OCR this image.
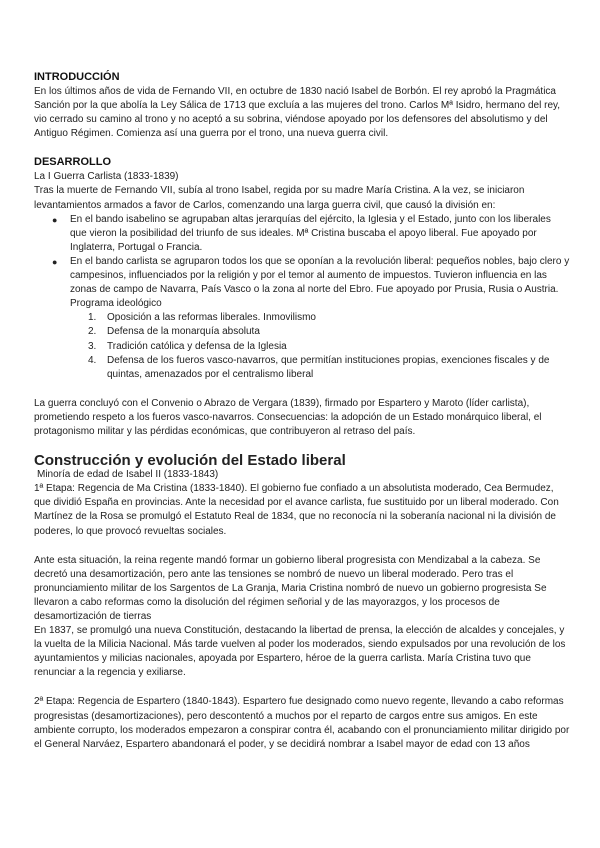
INTRODUCCIÓN

En los últimos años de vida de Fernando VII, en octubre de 1830 nació Isabel de Borbón. El rey aprobó la Pragmática Sanción por la que abolía la Ley Sálica de 1713 que excluía a las mujeres del trono. Carlos Mª Isidro, hermano del rey, vio cerrado su camino al trono y no aceptó a su sobrina, viéndose apoyado por los defensores del absolutismo y del Antiguo Régimen. Comienza así una guerra por el trono, una nueva guerra civil.

DESARROLLO

La I Guerra Carlista (1833-1839)

Tras la muerte de Fernando VII, subía al trono Isabel, regida por su madre María Cristina. A la vez, se iniciaron levantamientos armados a favor de Carlos, comenzando una larga guerra civil, que causó la división en:

● En el bando isabelino se agrupaban altas jerarquías del ejército, la Iglesia y el Estado, junto con los liberales que vieron la posibilidad del triunfo de sus ideales. Mª Cristina buscaba el apoyo liberal. Fue apoyado por Inglaterra, Portugal o Francia.
● En el bando carlista se agruparon todos los que se oponían a la revolución liberal: pequeños nobles, bajo clero y campesinos, influenciados por la religión y por el temor al aumento de impuestos. Tuvieron influencia en las zonas de campo de Navarra, País Vasco o la zona al norte del Ebro. Fue apoyado por Prusia, Rusia o Austria. Programa ideológico
1. Oposición a las reformas liberales. Inmovilismo
2. Defensa de la monarquía absoluta
3. Tradición católica y defensa de la Iglesia
4. Defensa de los fueros vasco-navarros, que permitían instituciones propias, exenciones fiscales y de quintas, amenazados por el centralismo liberal

La guerra concluyó con el Convenio o Abrazo de Vergara (1839), firmado por Espartero y Maroto (líder carlista), prometiendo respeto a los fueros vasco-navarros. Consecuencias: la adopción de un Estado monárquico liberal, el protagonismo militar y las pérdidas económicas, que contribuyeron al retraso del país.

Construcción y evolución del Estado liberal

Minoría de edad de Isabel II (1833-1843)

1ª Etapa: Regencia de Ma Cristina (1833-1840). El gobierno fue confiado a un absolutista moderado, Cea Bermudez, que dividió España en provincias. Ante la necesidad por el avance carlista, fue sustituido por un liberal moderado. Con Martínez de la Rosa se promulgó el Estatuto Real de 1834, que no reconocía ni la soberanía nacional ni la división de poderes, lo que provocó revueltas sociales.

Ante esta situación, la reina regente mandó formar un gobierno liberal progresista con Mendizabal a la cabeza. Se decretó una desamortización, pero ante las tensiones se nombró de nuevo un liberal moderado. Pero tras el pronunciamiento militar de los Sargentos de La Granja, Maria Cristina nombró de nuevo un gobierno progresista Se llevaron a cabo reformas como la disolución del régimen señorial y de las mayorazgos, y los procesos de desamortización de tierras

En 1837, se promulgó una nueva Constitución, destacando la libertad de prensa, la elección de alcaldes y concejales, y la vuelta de la Milicia Nacional. Más tarde vuelven al poder los moderados, siendo expulsados por una revolución de los ayuntamientos y milicias nacionales, apoyada por Espartero, héroe de la guerra carlista. María Cristina tuvo que renunciar a la regencia y exiliarse.

2ª Etapa: Regencia de Espartero (1840-1843). Espartero fue designado como nuevo regente, llevando a cabo reformas progresistas (desamortizaciones), pero descontentó a muchos por el reparto de cargos entre sus amigos. En este ambiente corrupto, los moderados empezaron a conspirar contra él, acabando con el pronunciamiento militar dirigido por el General Narváez, Espartero abandonará el poder, y se decidirá nombrar a Isabel mayor de edad con 13 años
